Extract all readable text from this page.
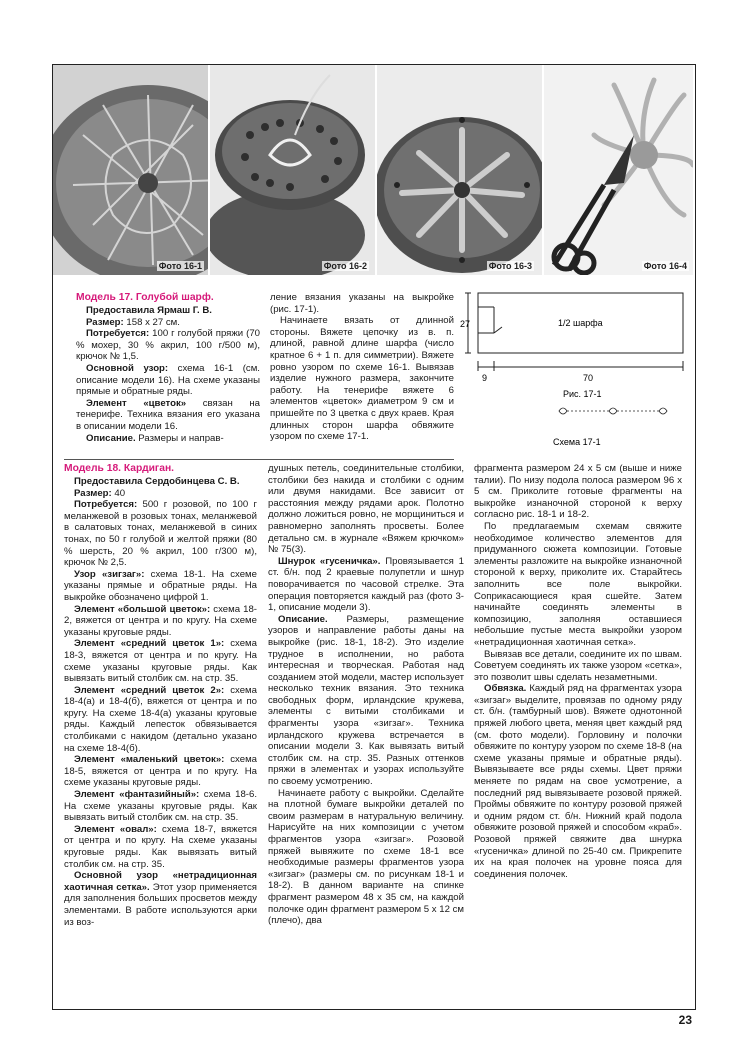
Фото 16-1	Фото 16-2	Фото 16-3	Фото 16-4
Модель 17. Голубой шарф.

Предоставила Ярмаш Г. В.

Размер: 158 х 27 см.

Потребуется: 100 г голубой пряжи (70 % мохер, 30 % акрил, 100 г/500 м), крючок № 1,5.

Основной узор: схема 16-1 (см. описание модели 16). На схеме указаны прямые и обратные ряды.

Элемент «цветок» связан на тенерифе. Техника вязания его указана в описании модели 16.

Описание. Размеры и направ-

ление вязания указаны на выкройке (рис. 17-1).

Начинаете вязать от длинной стороны. Вяжете цепочку из в. п. длиной, равной длине шарфа (число кратное 6 + 1 п. для симметрии). Вяжете ровно узором по схеме 16-1. Вывязав изделие нужного размера, закончите работу. На тенерифе вяжете 6 элементов «цветок» диаметром 9 см и пришейте по 3 цветка с двух краев. Края длинных сторон шарфа обвяжите узором по схеме 17-1.

27	1/2 шарфа
9	70
Рис. 17-1
Схема 17-1
Модель 18. Кардиган.

Предоставила Сердобинцева С. В.

Размер: 40

Потребуется: 500 г розовой, по 100 г меланжевой в розовых тонах, меланжевой в салатовых тонах, меланжевой в синих тонах, по 50 г голубой и желтой пряжи (80 % шерсть, 20 % акрил, 100 г/300 м), крючок № 2,5.

Узор «зигзаг»: схема 18-1. На схеме указаны прямые и обратные ряды. На выкройке обозначено цифрой 1.

Элемент «большой цветок»: схема 18-2, вяжется от центра и по кругу. На схеме указаны круговые ряды.

Элемент «средний цветок 1»: схема 18-3, вяжется от центра и по кругу. На схеме указаны круговые ряды. Как вывязать витый столбик см. на стр. 35.

Элемент «средний цветок 2»: схема 18-4(а) и 18-4(б), вяжется от центра и по кругу. На схеме 18-4(а) указаны круговые ряды. Каждый лепесток обвязывается столбиками с накидом (детально указано на схеме 18-4(б).

Элемент «маленький цветок»: схема 18-5, вяжется от центра и по кругу. На схеме указаны круговые ряды.

Элемент «фантазийный»: схема 18-6. На схеме указаны круговые ряды. Как вывязать витый столбик см. на стр. 35.

Элемент «овал»: схема 18-7, вяжется от центра и по кругу. На схеме указаны круговые ряды. Как вывязать витый столбик см. на стр. 35.

Основной узор «нетрадиционная хаотичная сетка». Этот узор применяется для заполнения больших просветов между элементами. В работе используются арки из воз-

душных петель, соединительные столбики, столбики без накида и столбики с одним или двумя накидами. Все зависит от расстояния между рядами арок. Полотно должно ложиться ровно, не морщиниться и равномерно заполнять просветы. Более детально см. в журнале «Вяжем крючком» № 75(3).

Шнурок «гусеничка». Провязывается 1 ст. б/н. под 2 краевые полупетли и шнур поворачивается по часовой стрелке. Эта операция повторяется каждый раз (фото 3-1, описание модели 3).

Описание. Размеры, размещение узоров и направление работы даны на выкройке (рис. 18-1, 18-2). Это изделие трудное в исполнении, но работа интересная и творческая. Работая над созданием этой модели, мастер использует несколько техник вязания. Это техника свободных форм, ирландские кружева, элементы с витыми столбиками и фрагменты узора «зигзаг». Техника ирландского кружева встречается в описании модели 3. Как вывязать витый столбик см. на стр. 35. Разных оттенков пряжи в элементах и узорах используйте по своему усмотрению.

Начинаете работу с выкройки. Сделайте на плотной бумаге выкройки деталей по своим размерам в натуральную величину. Нарисуйте на них композиции с учетом фрагментов узора «зигзаг». Розовой пряжей вывяжите по схеме 18-1 все необходимые размеры фрагментов узора «зигзаг» (размеры см. по рисункам 18-1 и 18-2). В данном варианте на спинке фрагмент размером 48 х 35 см, на каждой полочке один фрагмент размером 5 х 12 см (плечо), два

фрагмента размером 24 х 5 см (выше и ниже талии). По низу подола полоса размером 96 х 5 см. Приколите готовые фрагменты на выкройке изнаночной стороной к верху согласно рис. 18-1 и 18-2.

По предлагаемым схемам свяжите необходимое количество элементов для придуманного сюжета композиции. Готовые элементы разложите на выкройке изнаночной стороной к верху, приколите их. Старайтесь заполнить все поле выкройки. Соприкасающиеся края сшейте. Затем начинайте соединять элементы в композицию, заполняя оставшиеся небольшие пустые места выкройки узором «нетрадиционная хаотичная сетка».

Вывязав все детали, соедините их по швам. Советуем соединять их также узором «сетка», это позволит швы сделать незаметными.

Обвязка. Каждый ряд на фрагментах узора «зигзаг» выделите, провязав по одному ряду ст. б/н. (тамбурный шов). Вяжете однотонной пряжей любого цвета, меняя цвет каждый ряд (см. фото модели). Горловину и полочки обвяжите по контуру узором по схеме 18-8 (на схеме указаны прямые и обратные ряды). Вывязываете все ряды схемы. Цвет пряжи меняете по рядам на свое усмотрение, а последний ряд вывязываете розовой пряжей. Проймы обвяжите по контуру розовой пряжей и одним рядом ст. б/н. Нижний край подола обвяжите розовой пряжей и способом «краб». Розовой пряжей свяжите два шнурка «гусеничка» длиной по 25-40 см. Прикрепите их на края полочек на уровне пояса для соединения полочек.

23
